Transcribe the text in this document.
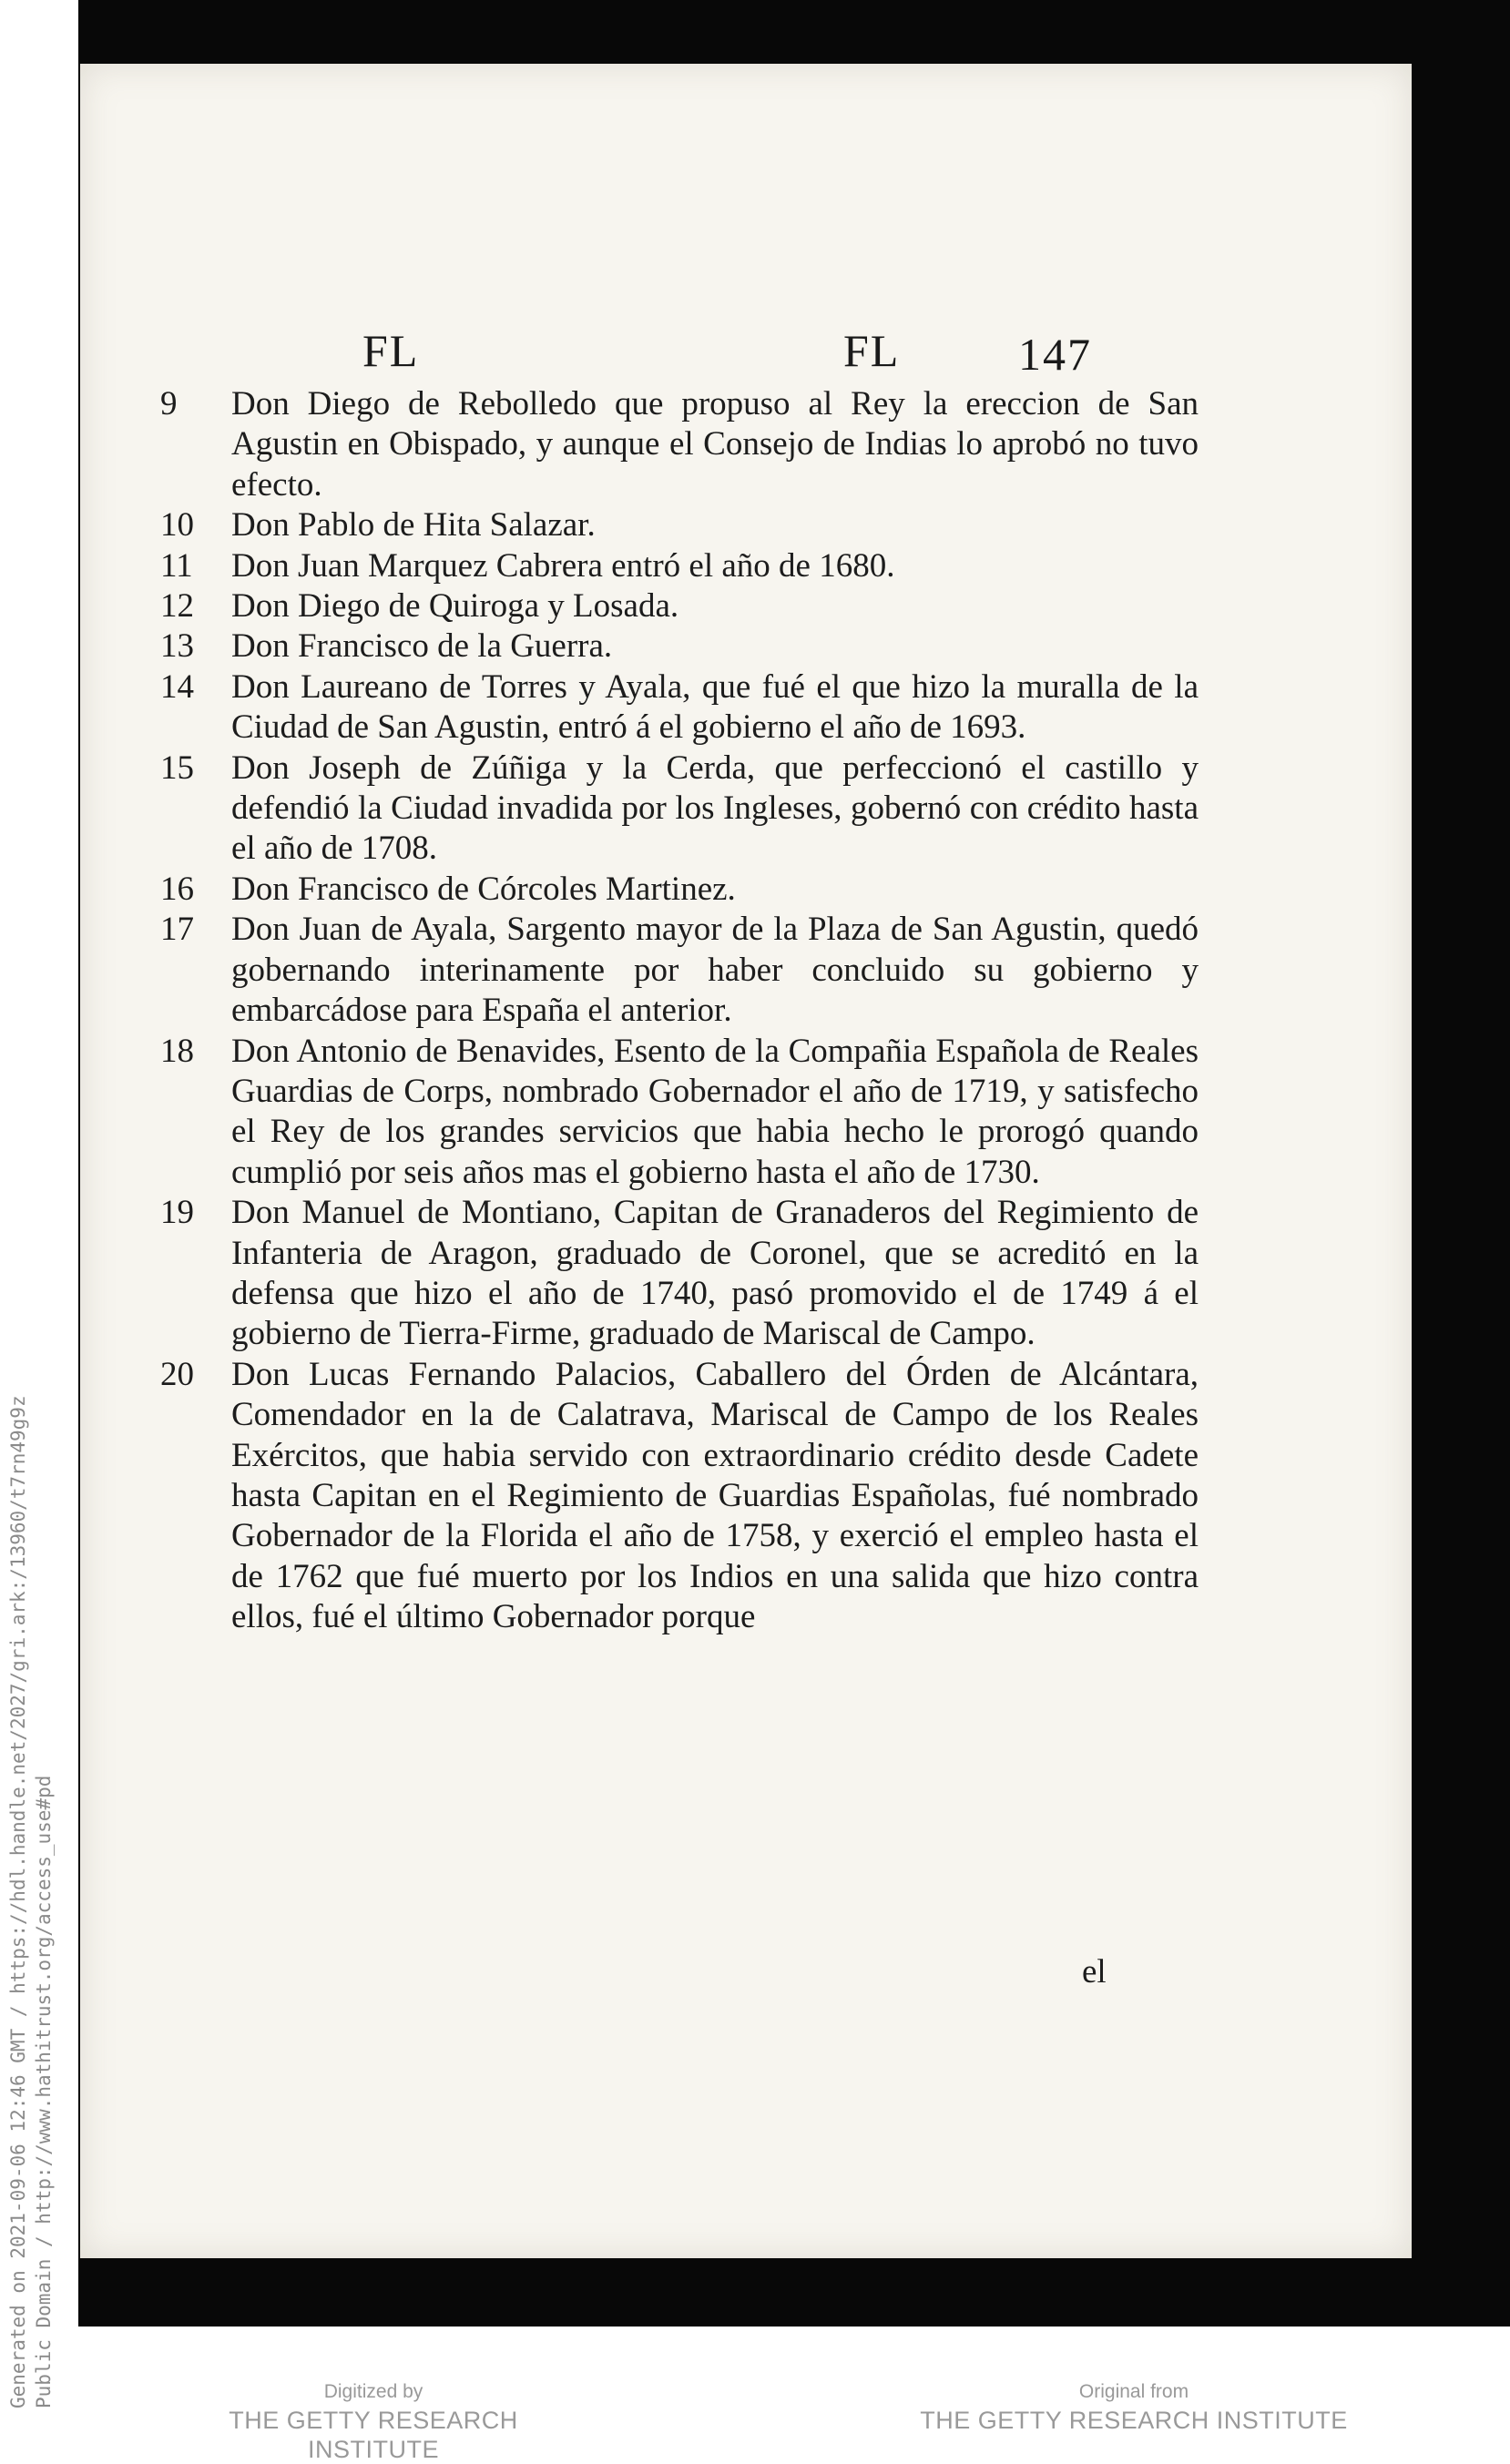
FL	FL	147

9	Don Diego de Rebolledo que propuso al Rey la ereccion de San Agustin en Obispado, y aunque el Consejo de Indias lo aprobó no tuvo efecto.

10	Don Pablo de Hita Salazar.

11	Don Juan Marquez Cabrera entró el año de 1680.

12	Don Diego de Quiroga y Losada.

13	Don Francisco de la Guerra.

14	Don Laureano de Torres y Ayala, que fué el que hizo la muralla de la Ciudad de San Agustin, entró á el gobierno el año de 1693.

15	Don Joseph de Zúñiga y la Cerda, que perfeccionó el castillo y defendió la Ciudad invadida por los Ingleses, gobernó con crédito hasta el año de 1708.

16	Don Francisco de Córcoles Martinez.

17	Don Juan de Ayala, Sargento mayor de la Plaza de San Agustin, quedó gobernando interinamente por haber concluido su gobierno y embarcádose para España el anterior.

18	Don Antonio de Benavides, Esento de la Compañia Española de Reales Guardias de Corps, nombrado Gobernador el año de 1719, y satisfecho el Rey de los grandes servicios que habia hecho le prorogó quando cumplió por seis años mas el gobierno hasta el año de 1730.

19	Don Manuel de Montiano, Capitan de Granaderos del Regimiento de Infanteria de Aragon, graduado de Coronel, que se acreditó en la defensa que hizo el año de 1740, pasó promovido el de 1749 á el gobierno de Tierra-Firme, graduado de Mariscal de Campo.

20	Don Lucas Fernando Palacios, Caballero del Órden de Alcántara, Comendador en la de Calatrava, Mariscal de Campo de los Reales Exércitos, que habia servido con extraordinario crédito desde Cadete hasta Capitan en el Regimiento de Guardias Españolas, fué nombrado Gobernador de la Florida el año de 1758, y exerció el empleo hasta el de 1762 que fué muerto por los Indios en una salida que hizo contra ellos, fué el último Gobernador porque

el
Generated on 2021-09-06 12:46 GMT / https://hdl.handle.net/2027/gri.ark:/13960/t7rn49g9z Public Domain / http://www.hathitrust.org/access_use#pd	Digitized by
THE GETTY RESEARCH INSTITUTE
Original from
THE GETTY RESEARCH INSTITUTE
